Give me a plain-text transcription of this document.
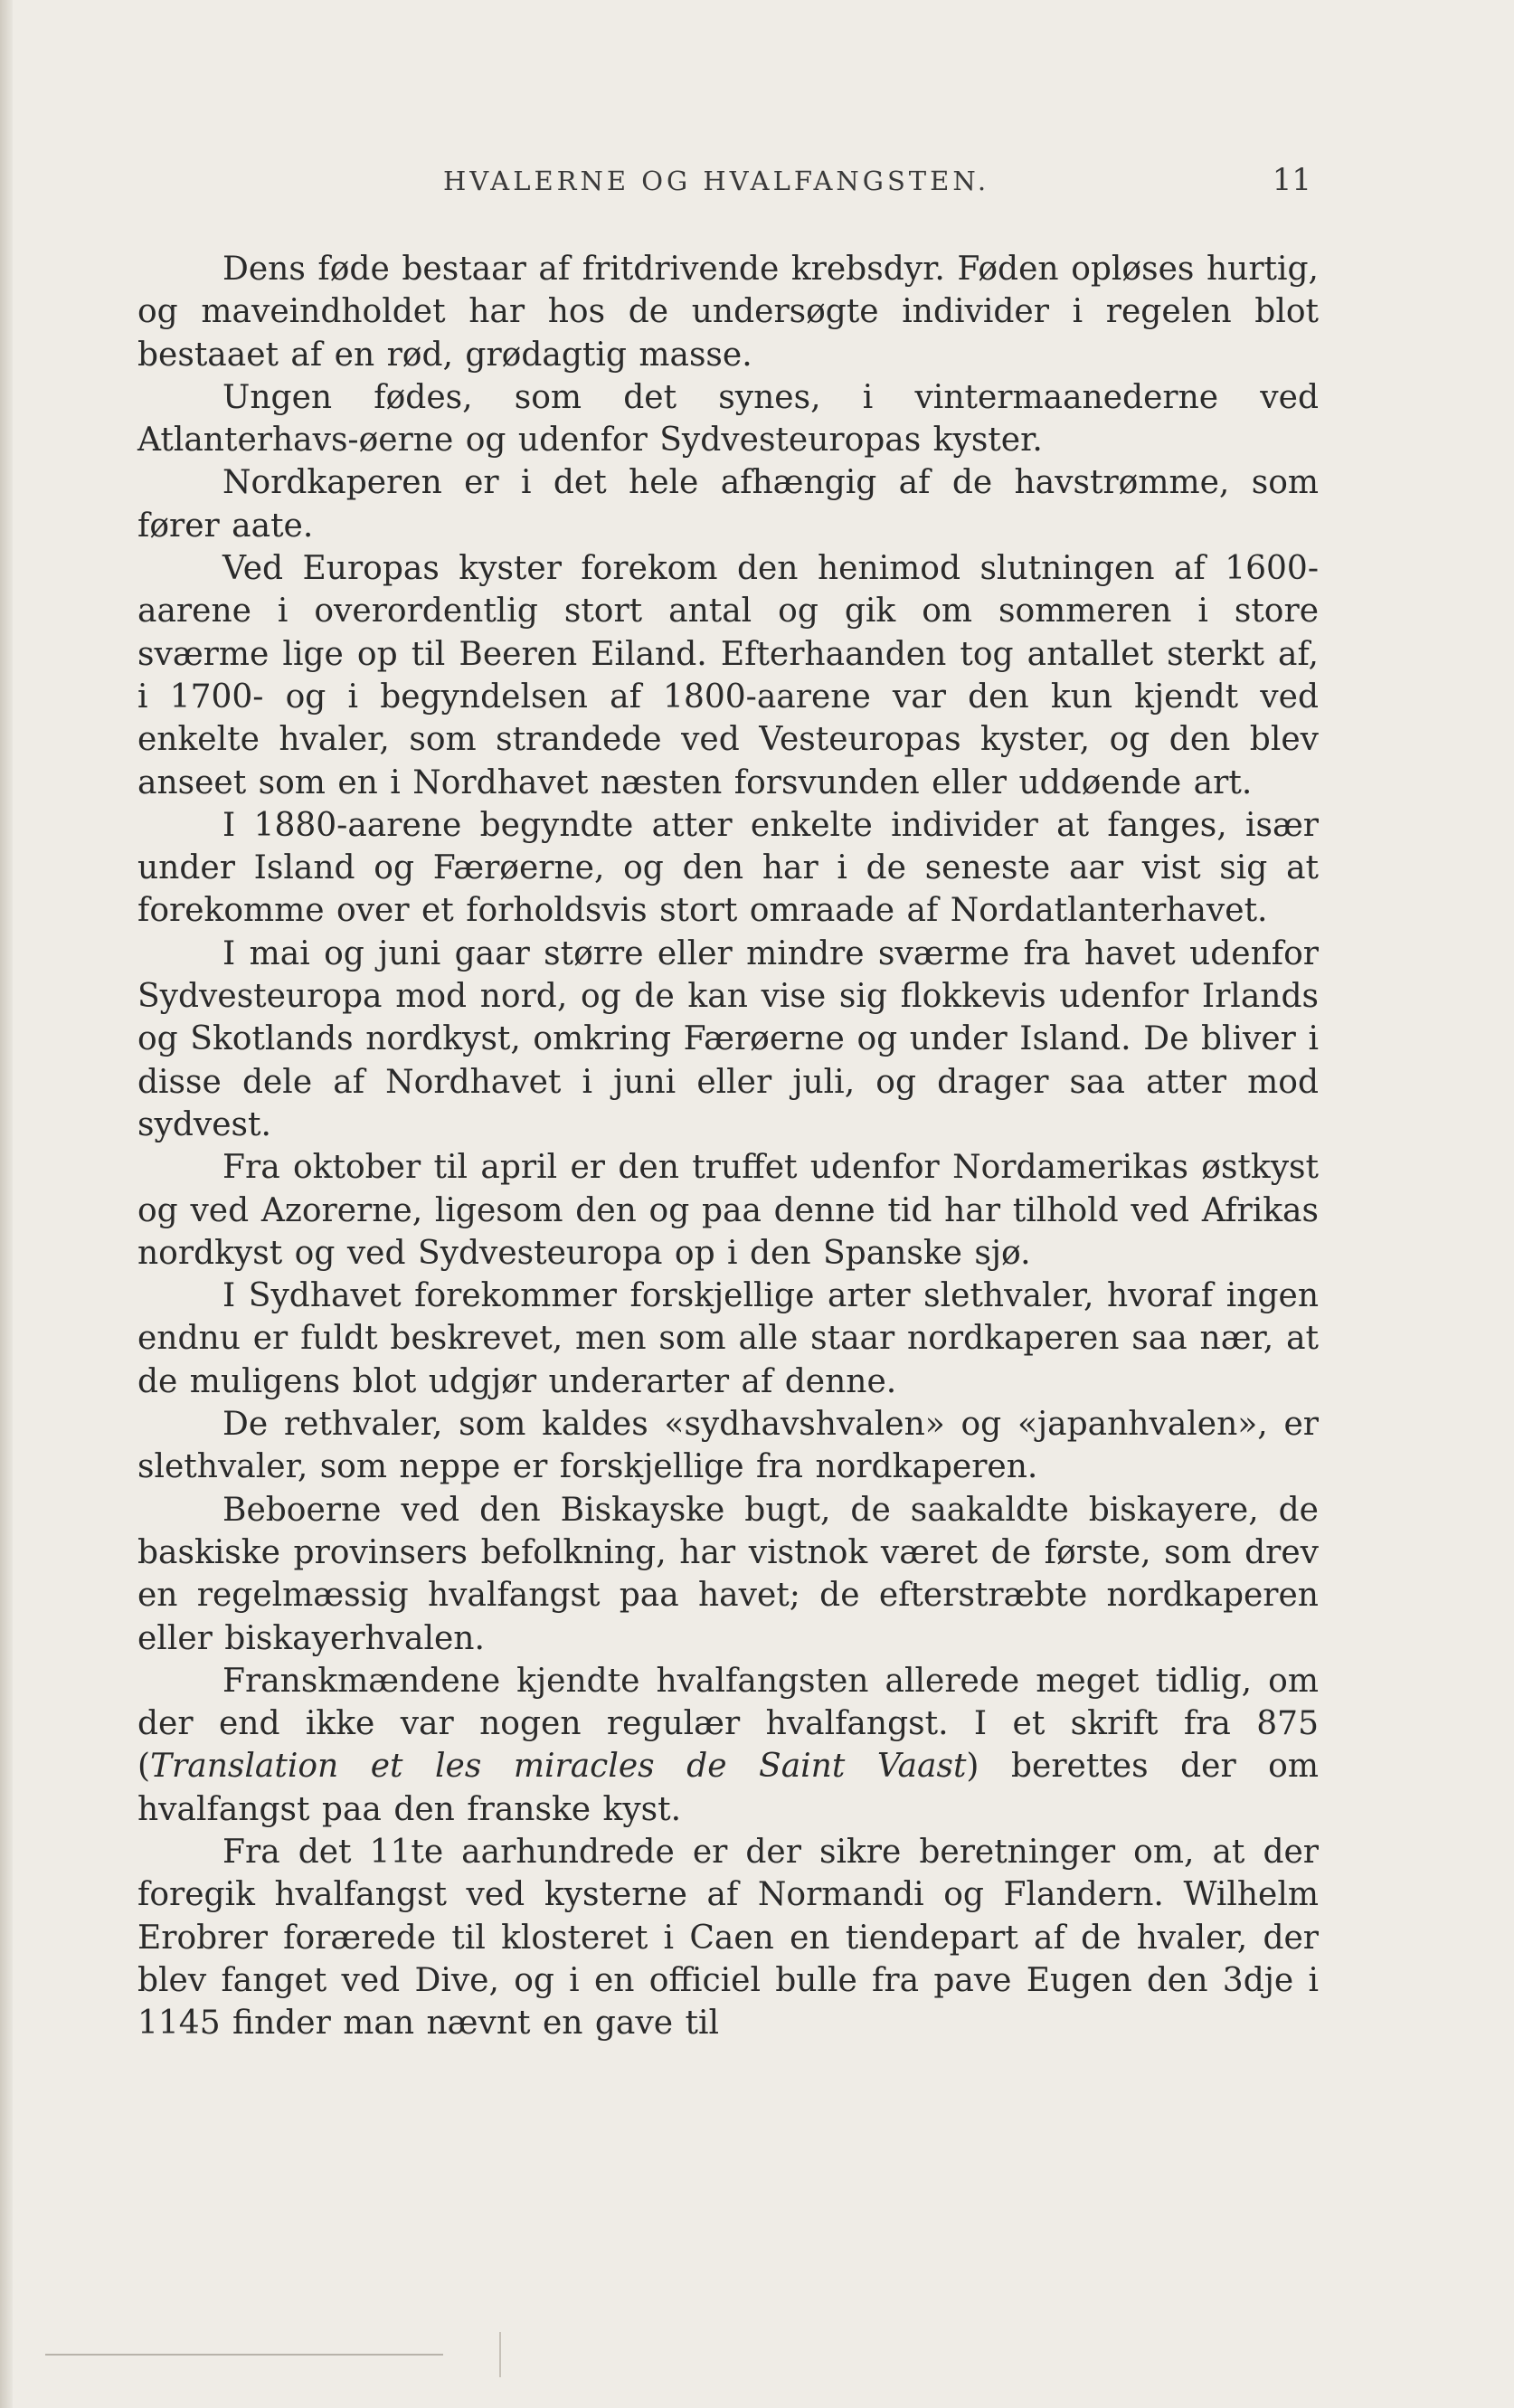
HVALERNE OG HVALFANGSTEN.	11

Dens føde bestaar af fritdrivende krebsdyr. Føden opløses hurtig, og maveindholdet har hos de undersøgte individer i regelen blot bestaaet af en rød, grødagtig masse.

Ungen fødes, som det synes, i vintermaanederne ved Atlanterhavs-øerne og udenfor Sydvesteuropas kyster.

Nordkaperen er i det hele afhængig af de havstrømme, som fører aate.

Ved Europas kyster forekom den henimod slutningen af 1600-aarene i overordentlig stort antal og gik om sommeren i store sværme lige op til Beeren Eiland. Efterhaanden tog antallet sterkt af, i 1700- og i begyndelsen af 1800-aarene var den kun kjendt ved enkelte hvaler, som strandede ved Vesteuropas kyster, og den blev anseet som en i Nordhavet næsten forsvunden eller uddøende art.

I 1880-aarene begyndte atter enkelte individer at fanges, især under Island og Færøerne, og den har i de seneste aar vist sig at forekomme over et forholdsvis stort omraade af Nordatlanterhavet.

I mai og juni gaar større eller mindre sværme fra havet udenfor Sydvesteuropa mod nord, og de kan vise sig flokkevis udenfor Irlands og Skotlands nordkyst, omkring Færøerne og under Island. De bliver i disse dele af Nordhavet i juni eller juli, og drager saa atter mod sydvest.

Fra oktober til april er den truffet udenfor Nordamerikas østkyst og ved Azorerne, ligesom den og paa denne tid har tilhold ved Afrikas nordkyst og ved Sydvesteuropa op i den Spanske sjø.

I Sydhavet forekommer forskjellige arter slethvaler, hvoraf ingen endnu er fuldt beskrevet, men som alle staar nordkaperen saa nær, at de muligens blot udgjør underarter af denne.

De rethvaler, som kaldes «sydhavshvalen» og «japanhvalen», er slethvaler, som neppe er forskjellige fra nordkaperen.

Beboerne ved den Biskayske bugt, de saakaldte biskayere, de baskiske provinsers befolkning, har vistnok været de første, som drev en regelmæssig hvalfangst paa havet; de efterstræbte nordkaperen eller biskayerhvalen.

Franskmændene kjendte hvalfangsten allerede meget tidlig, om der end ikke var nogen regulær hvalfangst. I et skrift fra 875 (Translation et les miracles de Saint Vaast) berettes der om hvalfangst paa den franske kyst.

Fra det 11te aarhundrede er der sikre beretninger om, at der foregik hvalfangst ved kysterne af Normandi og Flandern. Wilhelm Erobrer forærede til klosteret i Caen en tiendepart af de hvaler, der blev fanget ved Dive, og i en officiel bulle fra pave Eugen den 3dje i 1145 finder man nævnt en gave til
